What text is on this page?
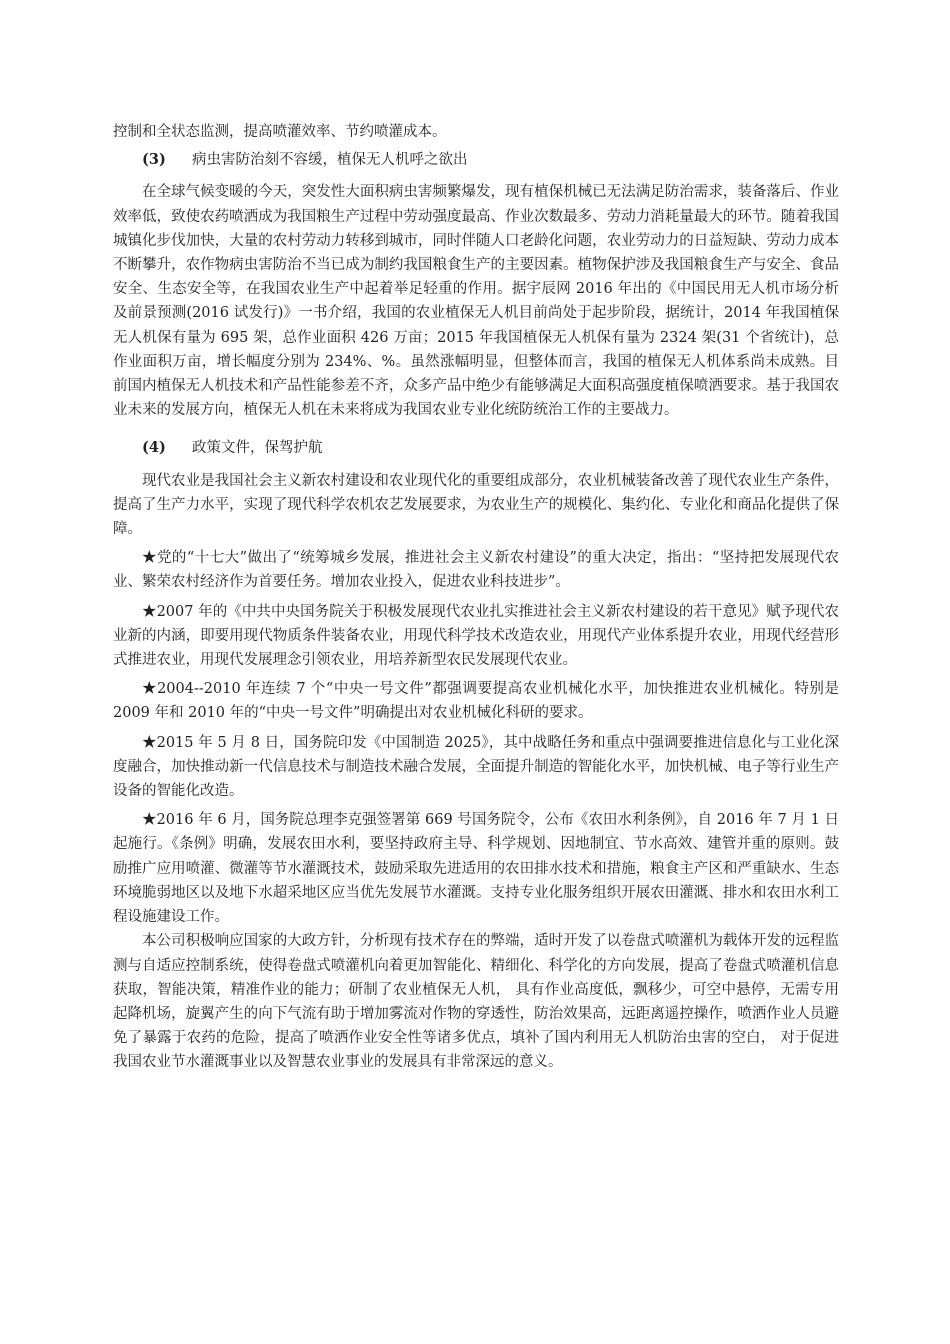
控制和全状态监测，提高喷灌效率、节约喷灌成本。

(3) 病虫害防治刻不容缓，植保无人机呼之欲出

在全球气候变暖的今天，突发性大面积病虫害频繁爆发，现有植保机械已无法满足防治需求，装备落后、作业效率低，致使农药喷洒成为我国粮生产过程中劳动强度最高、作业次数最多、劳动力消耗量最大的环节。随着我国城镇化步伐加快，大量的农村劳动力转移到城市，同时伴随人口老龄化问题，农业劳动力的日益短缺、劳动力成本不断攀升，农作物病虫害防治不当已成为制约我国粮食生产的主要因素。植物保护涉及我国粮食生产与安全、食品安全、生态安全等，在我国农业生产中起着举足轻重的作用。据宇辰网 2016 年出的《中国民用无人机市场分析及前景预测(2016 试发行)》一书介绍，我国的农业植保无人机目前尚处于起步阶段，据统计，2014 年我国植保无人机保有量为 695 架，总作业面积 426 万亩；2015 年我国植保无人机保有量为 2324 架(31 个省统计)，总作业面积万亩，增长幅度分别为 234%、%。虽然涨幅明显，但整体而言，我国的植保无人机体系尚未成熟。目前国内植保无人机技术和产品性能参差不齐，众多产品中绝少有能够满足大面积高强度植保喷洒要求。基于我国农业未来的发展方向，植保无人机在未来将成为我国农业专业化统防统治工作的主要战力。

(4) 政策文件，保驾护航

现代农业是我国社会主义新农村建设和农业现代化的重要组成部分，农业机械装备改善了现代农业生产条件，提高了生产力水平，实现了现代科学农机农艺发展要求，为农业生产的规模化、集约化、专业化和商品化提供了保障。

★党的“十七大”做出了“统筹城乡发展，推进社会主义新农村建设”的重大决定，指出：“坚持把发展现代农业、繁荣农村经济作为首要任务。增加农业投入，促进农业科技进步”。

★2007 年的《中共中央国务院关于积极发展现代农业扎实推进社会主义新农村建设的若干意见》赋予现代农业新的内涵，即要用现代物质条件装备农业，用现代科学技术改造农业，用现代产业体系提升农业，用现代经营形式推进农业，用现代发展理念引领农业，用培养新型农民发展现代农业。

★2004--2010 年连续 7 个“中央一号文件”都强调要提高农业机械化水平，加快推进农业机械化。特别是 2009 年和 2010 年的“中央一号文件”明确提出对农业机械化科研的要求。

★2015 年 5 月 8 日，国务院印发《中国制造 2025》，其中战略任务和重点中强调要推进信息化与工业化深度融合，加快推动新一代信息技术与制造技术融合发展，全面提升制造的智能化水平，加快机械、电子等行业生产设备的智能化改造。

★2016 年 6 月，国务院总理李克强签署第 669 号国务院令，公布《农田水利条例》，自 2016 年 7 月 1 日起施行。《条例》明确，发展农田水利，要坚持政府主导、科学规划、因地制宜、节水高效、建管并重的原则。鼓励推广应用喷灌、微灌等节水灌溉技术，鼓励采取先进适用的农田排水技术和措施，粮食主产区和严重缺水、生态环境脆弱地区以及地下水超采地区应当优先发展节水灌溉。支持专业化服务组织开展农田灌溉、排水和农田水利工程设施建设工作。

本公司积极响应国家的大政方针，分析现有技术存在的弊端，适时开发了以卷盘式喷灌机为载体开发的远程监测与自适应控制系统，使得卷盘式喷灌机向着更加智能化、精细化、科学化的方向发展，提高了卷盘式喷灌机信息获取，智能决策，精准作业的能力；研制了农业植保无人机， 具有作业高度低，飘移少，可空中悬停，无需专用起降机场，旋翼产生的向下气流有助于增加雾流对作物的穿透性，防治效果高，远距离遥控操作，喷洒作业人员避免了暴露于农药的危险，提高了喷洒作业安全性等诸多优点，填补了国内利用无人机防治虫害的空白， 对于促进我国农业节水灌溉事业以及智慧农业事业的发展具有非常深远的意义。
